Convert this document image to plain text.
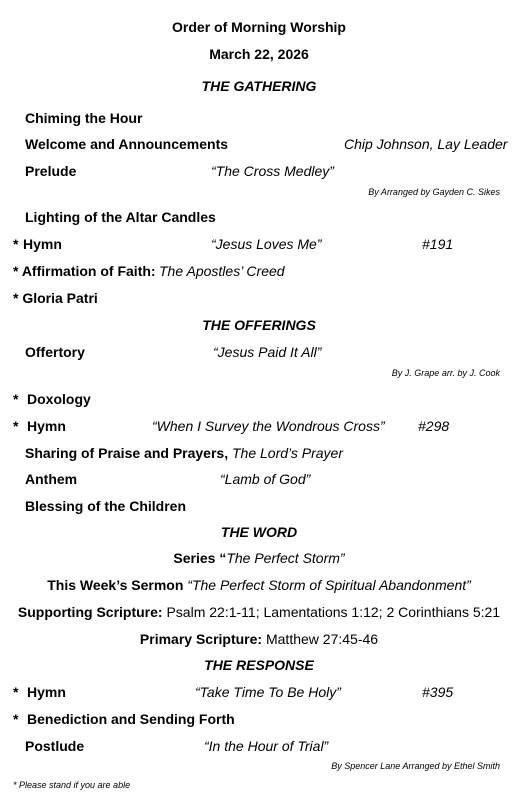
Order of Morning Worship
March 22, 2026
THE GATHERING
Chiming the Hour
Welcome and Announcements	Chip Johnson, Lay Leader
Prelude	“The Cross Medley”
By Arranged by Gayden C. Sikes
Lighting of the Altar Candles
* Hymn	“Jesus Loves Me”	#191
* Affirmation of Faith: The Apostles’ Creed
* Gloria Patri
THE OFFERINGS
Offertory	“Jesus Paid It All”
By J. Grape arr. by J. Cook
* Doxology
* Hymn	“When I Survey the Wondrous Cross” #298
Sharing of Praise and Prayers, The Lord’s Prayer
Anthem	“Lamb of God”
Blessing of the Children
THE WORD
Series “The Perfect Storm”
This Week’s Sermon “The Perfect Storm of Spiritual Abandonment”
Supporting Scripture: Psalm 22:1-11; Lamentations 1:12; 2 Corinthians 5:21
Primary Scripture: Matthew 27:45-46
THE RESPONSE
* Hymn	“Take Time To Be Holy”	#395
* Benediction and Sending Forth
Postlude	“In the Hour of Trial”
By Spencer Lane Arranged by Ethel Smith
* Please stand if you are able
